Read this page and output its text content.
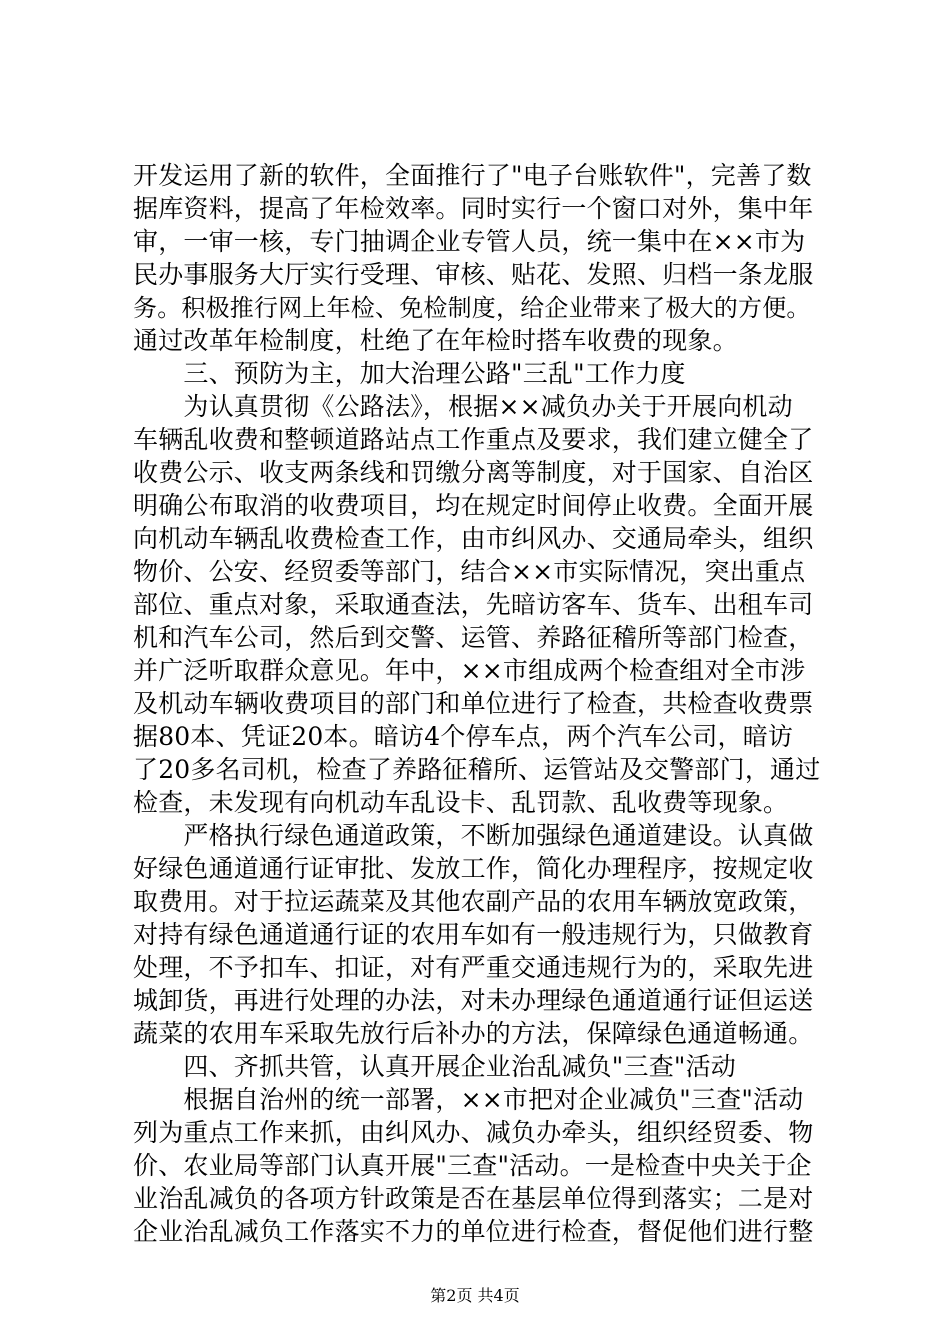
开发运用了新的软件，全面推行了"电子台账软件"，完善了数
据库资料，提高了年检效率。同时实行一个窗口对外，集中年
审，一审一核，专门抽调企业专管人员，统一集中在××市为
民办事服务大厅实行受理、审核、贴花、发照、归档一条龙服
务。积极推行网上年检、免检制度，给企业带来了极大的方便。
通过改革年检制度，杜绝了在年检时搭车收费的现象。
　　三、预防为主，加大治理公路"三乱"工作力度
　　为认真贯彻《公路法》，根据××减负办关于开展向机动
车辆乱收费和整顿道路站点工作重点及要求，我们建立健全了
收费公示、收支两条线和罚缴分离等制度，对于国家、自治区
明确公布取消的收费项目，均在规定时间停止收费。全面开展
向机动车辆乱收费检查工作，由市纠风办、交通局牵头，组织
物价、公安、经贸委等部门，结合××市实际情况，突出重点
部位、重点对象，采取通查法，先暗访客车、货车、出租车司
机和汽车公司，然后到交警、运管、养路征稽所等部门检查，
并广泛听取群众意见。年中，××市组成两个检查组对全市涉
及机动车辆收费项目的部门和单位进行了检查，共检查收费票
据80本、凭证20本。暗访4个停车点，两个汽车公司，暗访
了20多名司机，检查了养路征稽所、运管站及交警部门，通过
检查，未发现有向机动车乱设卡、乱罚款、乱收费等现象。
　　严格执行绿色通道政策，不断加强绿色通道建设。认真做
好绿色通道通行证审批、发放工作，简化办理程序，按规定收
取费用。对于拉运蔬菜及其他农副产品的农用车辆放宽政策，
对持有绿色通道通行证的农用车如有一般违规行为，只做教育
处理，不予扣车、扣证，对有严重交通违规行为的，采取先进
城卸货，再进行处理的办法，对未办理绿色通道通行证但运送
蔬菜的农用车采取先放行后补办的方法，保障绿色通道畅通。
　　四、齐抓共管，认真开展企业治乱减负"三查"活动
　　根据自治州的统一部署，××市把对企业减负"三查"活动
列为重点工作来抓，由纠风办、减负办牵头，组织经贸委、物
价、农业局等部门认真开展"三查"活动。一是检查中央关于企
业治乱减负的各项方针政策是否在基层单位得到落实；二是对
企业治乱减负工作落实不力的单位进行检查，督促他们进行整
第2页 共4页
